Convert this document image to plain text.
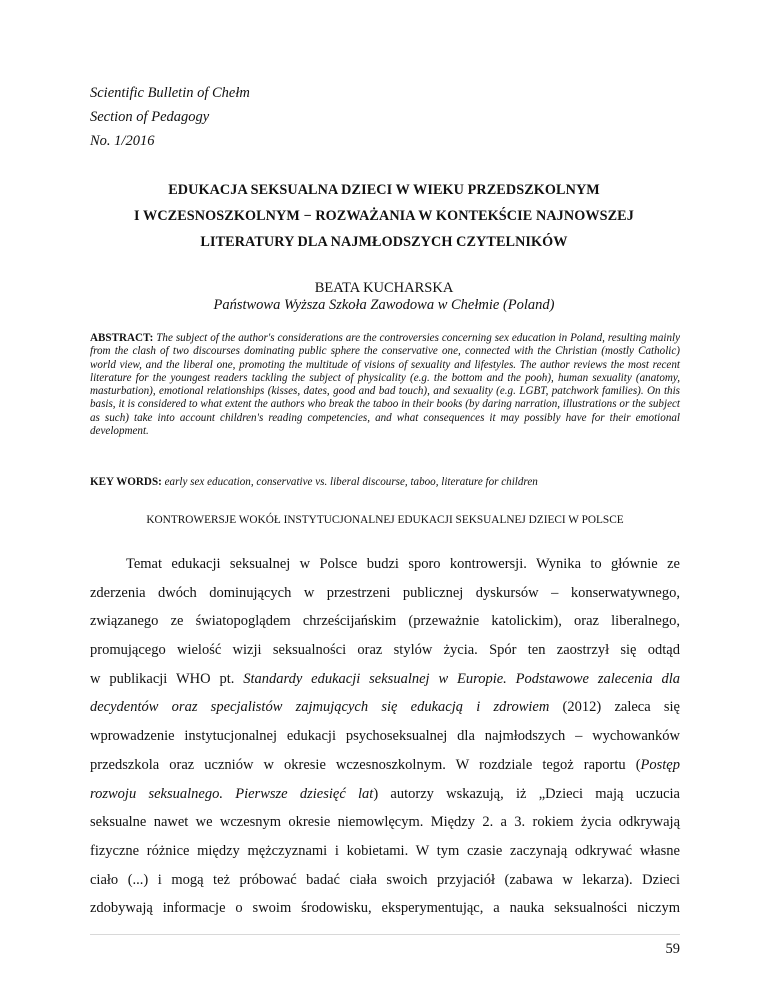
Scientific Bulletin of Chełm
Section of Pedagogy
No. 1/2016
EDUKACJA SEKSUALNA DZIECI W WIEKU PRZEDSZKOLNYM
I WCZESNOSZKOLNYM − ROZWAŻANIA W KONTEKŚCIE NAJNOWSZEJ
LITERATURY DLA NAJMŁODSZYCH CZYTELNIKÓW
BEATA KUCHARSKA
Państwowa Wyższa Szkoła Zawodowa w Chełmie (Poland)
ABSTRACT: The subject of the author's considerations are the controversies concerning sex education in Poland, resulting mainly from the clash of two discourses dominating public sphere the conservative one, connected with the Christian (mostly Catholic) world view, and the liberal one, promoting the multitude of visions of sexuality and lifestyles. The author reviews the most recent literature for the youngest readers tackling the subject of physicality (e.g. the bottom and the pooh), human sexuality (anatomy, masturbation), emotional relationships (kisses, dates, good and bad touch), and sexuality (e.g. LGBT, patchwork families). On this basis, it is considered to what extent the authors who break the taboo in their books (by daring narration, illustrations or the subject as such) take into account children's reading competencies, and what consequences it may possibly have for their emotional development.
KEY WORDS: early sex education, conservative vs. liberal discourse, taboo, literature for children
KONTROWERSJE WOKÓŁ INSTYTUCJONALNEJ EDUKACJI SEKSUALNEJ DZIECI W POLSCE
Temat edukacji seksualnej w Polsce budzi sporo kontrowersji. Wynika to głównie ze
zderzenia dwóch dominujących w przestrzeni publicznej dyskursów – konserwatywnego,
związanego ze światopoglądem chrześcijańskim (przeważnie katolickim), oraz liberalnego,
promującego wielość wizji seksualności oraz stylów życia. Spór ten zaostrzył się odtąd
w publikacji WHO pt. Standardy edukacji seksualnej w Europie. Podstawowe zalecenia dla
decydentów oraz specjalistów zajmujących się edukacją i zdrowiem (2012) zaleca się
wprowadzenie instytucjonalnej edukacji psychoseksualnej dla najmłodszych – wychowanków
przedszkola oraz uczniów w okresie wczesnoszkolnym. W rozdziale tegoż raportu (Postęp
rozwoju seksualnego. Pierwsze dziesięć lat) autorzy wskazują, iż „Dzieci mają uczucia
seksualne nawet we wczesnym okresie niemowlęcym. Między 2. a 3. rokiem życia odkrywają
fizyczne różnice między mężczyznami i kobietami. W tym czasie zaczynają odkrywać własne
ciało (...) i mogą też próbować badać ciała swoich przyjaciół (zabawa w lekarza). Dzieci
zdobywają informacje o swoim środowisku, eksperymentując, a nauka seksualności niczym
59
